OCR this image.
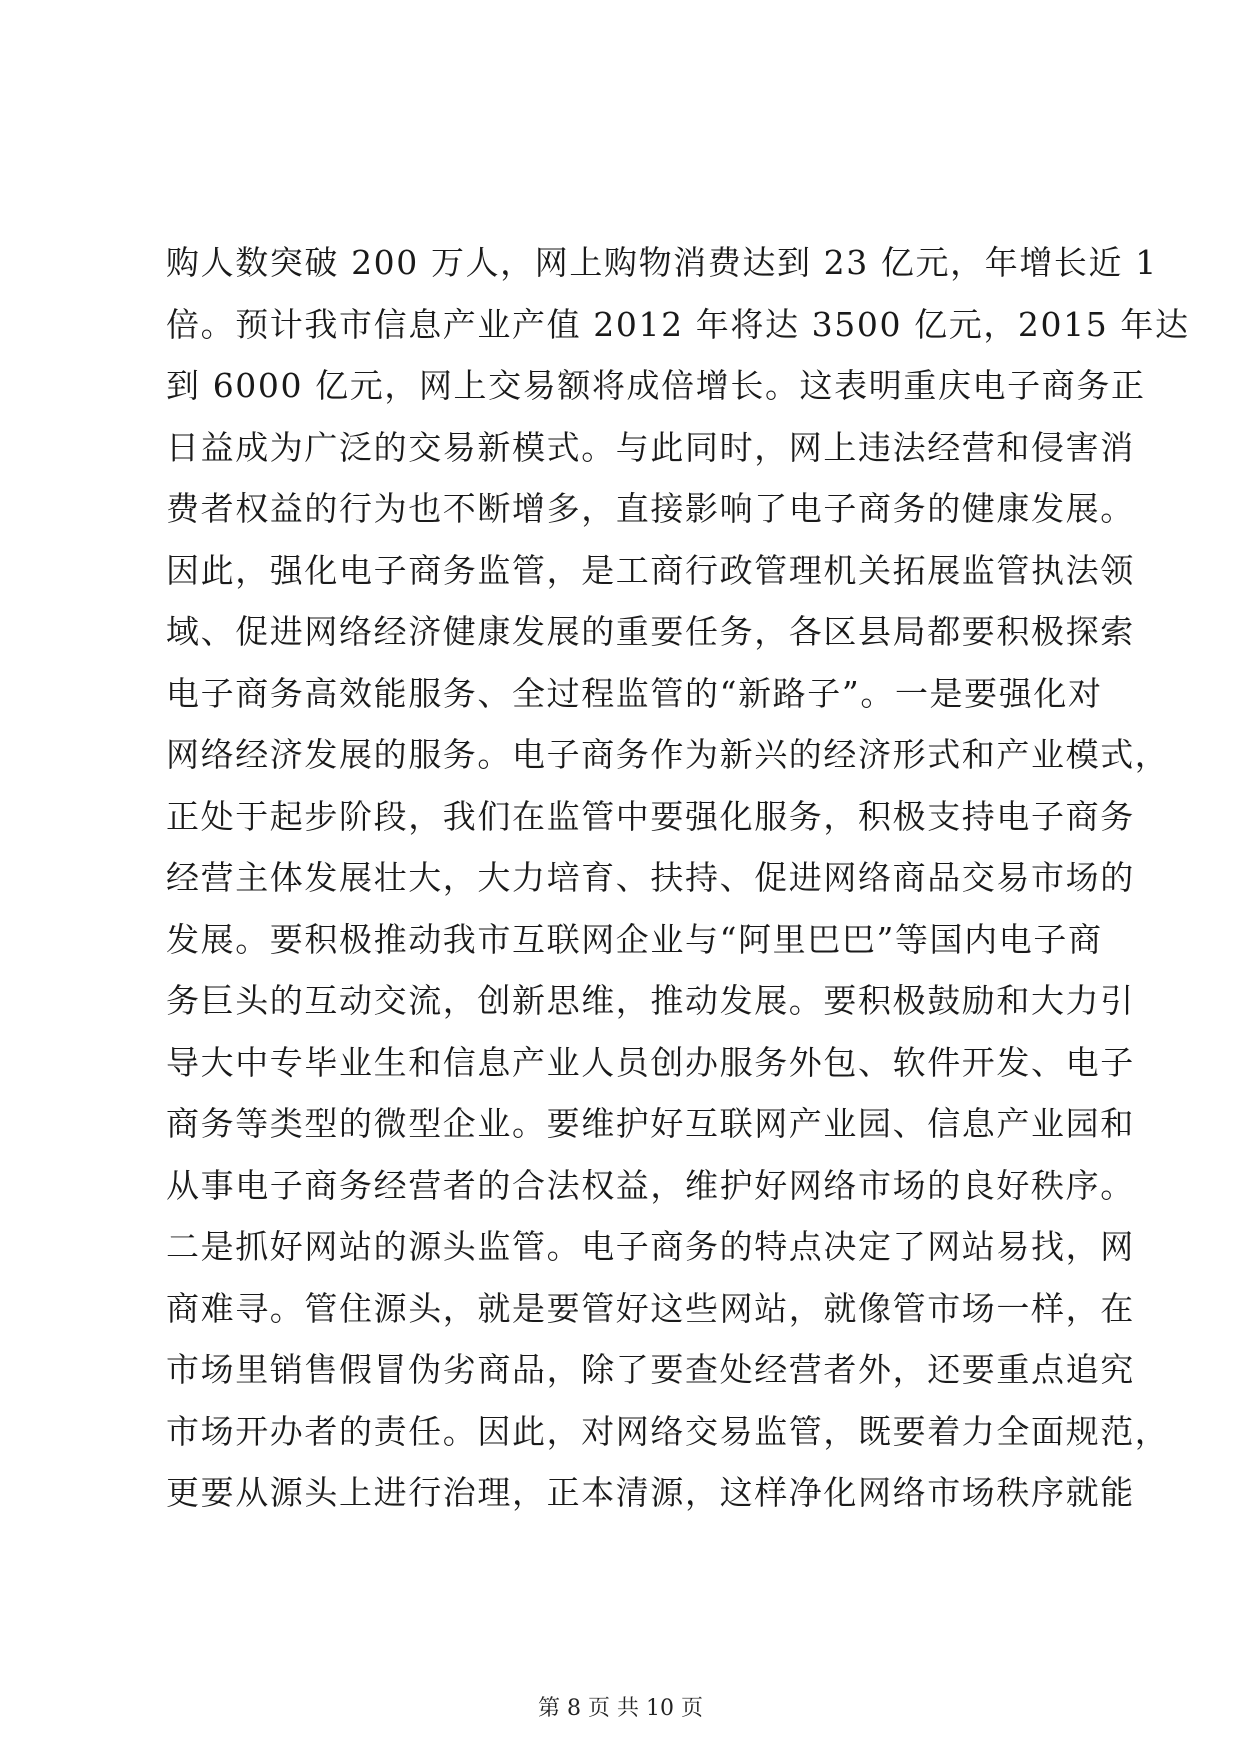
购人数突破 200 万人，网上购物消费达到 23 亿元，年增长近 1
倍。预计我市信息产业产值 2012 年将达 3500 亿元，2015 年达
到 6000 亿元，网上交易额将成倍增长。这表明重庆电子商务正
日益成为广泛的交易新模式。与此同时，网上违法经营和侵害消
费者权益的行为也不断增多，直接影响了电子商务的健康发展。
因此，强化电子商务监管，是工商行政管理机关拓展监管执法领
域、促进网络经济健康发展的重要任务，各区县局都要积极探索
电子商务高效能服务、全过程监管的“新路子”。一是要强化对
网络经济发展的服务。电子商务作为新兴的经济形式和产业模式，
正处于起步阶段，我们在监管中要强化服务，积极支持电子商务
经营主体发展壮大，大力培育、扶持、促进网络商品交易市场的
发展。要积极推动我市互联网企业与“阿里巴巴”等国内电子商
务巨头的互动交流，创新思维，推动发展。要积极鼓励和大力引
导大中专毕业生和信息产业人员创办服务外包、软件开发、电子
商务等类型的微型企业。要维护好互联网产业园、信息产业园和
从事电子商务经营者的合法权益，维护好网络市场的良好秩序。
二是抓好网站的源头监管。电子商务的特点决定了网站易找，网
商难寻。管住源头，就是要管好这些网站，就像管市场一样，在
市场里销售假冒伪劣商品，除了要查处经营者外，还要重点追究
市场开办者的责任。因此，对网络交易监管，既要着力全面规范，
更要从源头上进行治理，正本清源，这样净化网络市场秩序就能
第 8 页 共 10 页
